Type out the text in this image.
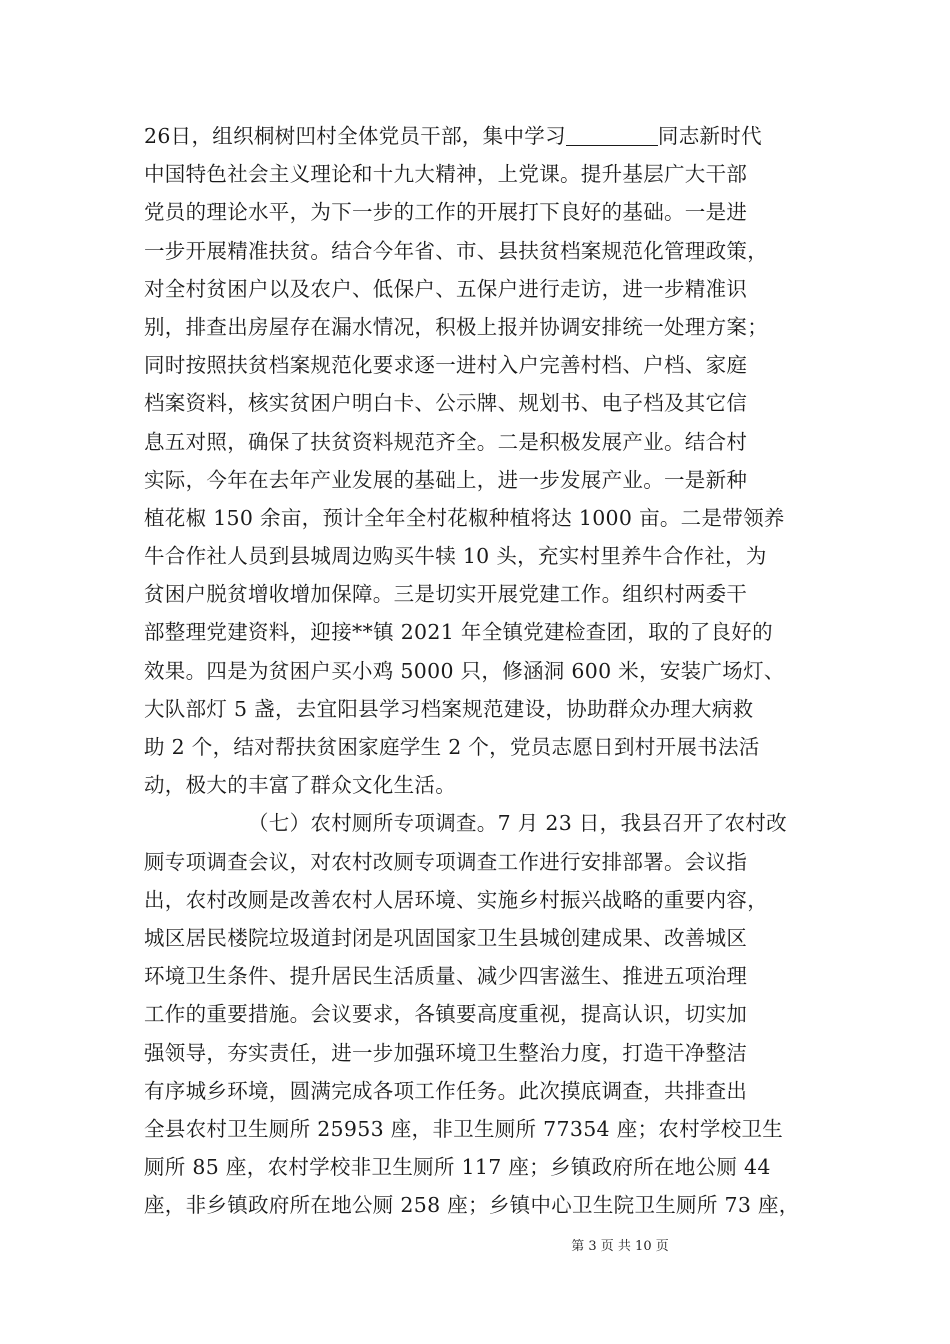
26日，组织桐树凹村全体党员干部，集中学习	同志新时代
中国特色社会主义理论和十九大精神，上党课。提升基层广大干部
党员的理论水平，为下一步的工作的开展打下良好的基础。一是进
一步开展精准扶贫。结合今年省、市、县扶贫档案规范化管理政策，
对全村贫困户以及农户、低保户、五保户进行走访，进一步精准识
别，排查出房屋存在漏水情况，积极上报并协调安排统一处理方案；
同时按照扶贫档案规范化要求逐一进村入户完善村档、户档、家庭
档案资料，核实贫困户明白卡、公示牌、规划书、电子档及其它信
息五对照，确保了扶贫资料规范齐全。二是积极发展产业。结合村
实际，今年在去年产业发展的基础上，进一步发展产业。一是新种
植花椒 150 余亩，预计全年全村花椒种植将达 1000 亩。二是带领养
牛合作社人员到县城周边购买牛犊 10 头，充实村里养牛合作社，为
贫困户脱贫增收增加保障。三是切实开展党建工作。组织村两委干
部整理党建资料，迎接**镇 2021 年全镇党建检查团，取的了良好的
效果。四是为贫困户买小鸡 5000 只，修涵洞 600 米，安装广场灯、
大队部灯 5 盏，去宜阳县学习档案规范建设，协助群众办理大病救
助 2 个，结对帮扶贫困家庭学生 2 个，党员志愿日到村开展书法活
动，极大的丰富了群众文化生活。
（七）农村厕所专项调查。7 月 23 日，我县召开了农村改
厕专项调查会议，对农村改厕专项调查工作进行安排部署。会议指
出，农村改厕是改善农村人居环境、实施乡村振兴战略的重要内容，
城区居民楼院垃圾道封闭是巩固国家卫生县城创建成果、改善城区
环境卫生条件、提升居民生活质量、减少四害滋生、推进五项治理
工作的重要措施。会议要求，各镇要高度重视，提高认识，切实加
强领导，夯实责任，进一步加强环境卫生整治力度，打造干净整洁
有序城乡环境，圆满完成各项工作任务。此次摸底调查，共排查出
全县农村卫生厕所 25953 座，非卫生厕所 77354 座；农村学校卫生
厕所 85 座，农村学校非卫生厕所 117 座；乡镇政府所在地公厕 44
座，非乡镇政府所在地公厕 258 座；乡镇中心卫生院卫生厕所 73 座，
第 3 页 共 10 页
